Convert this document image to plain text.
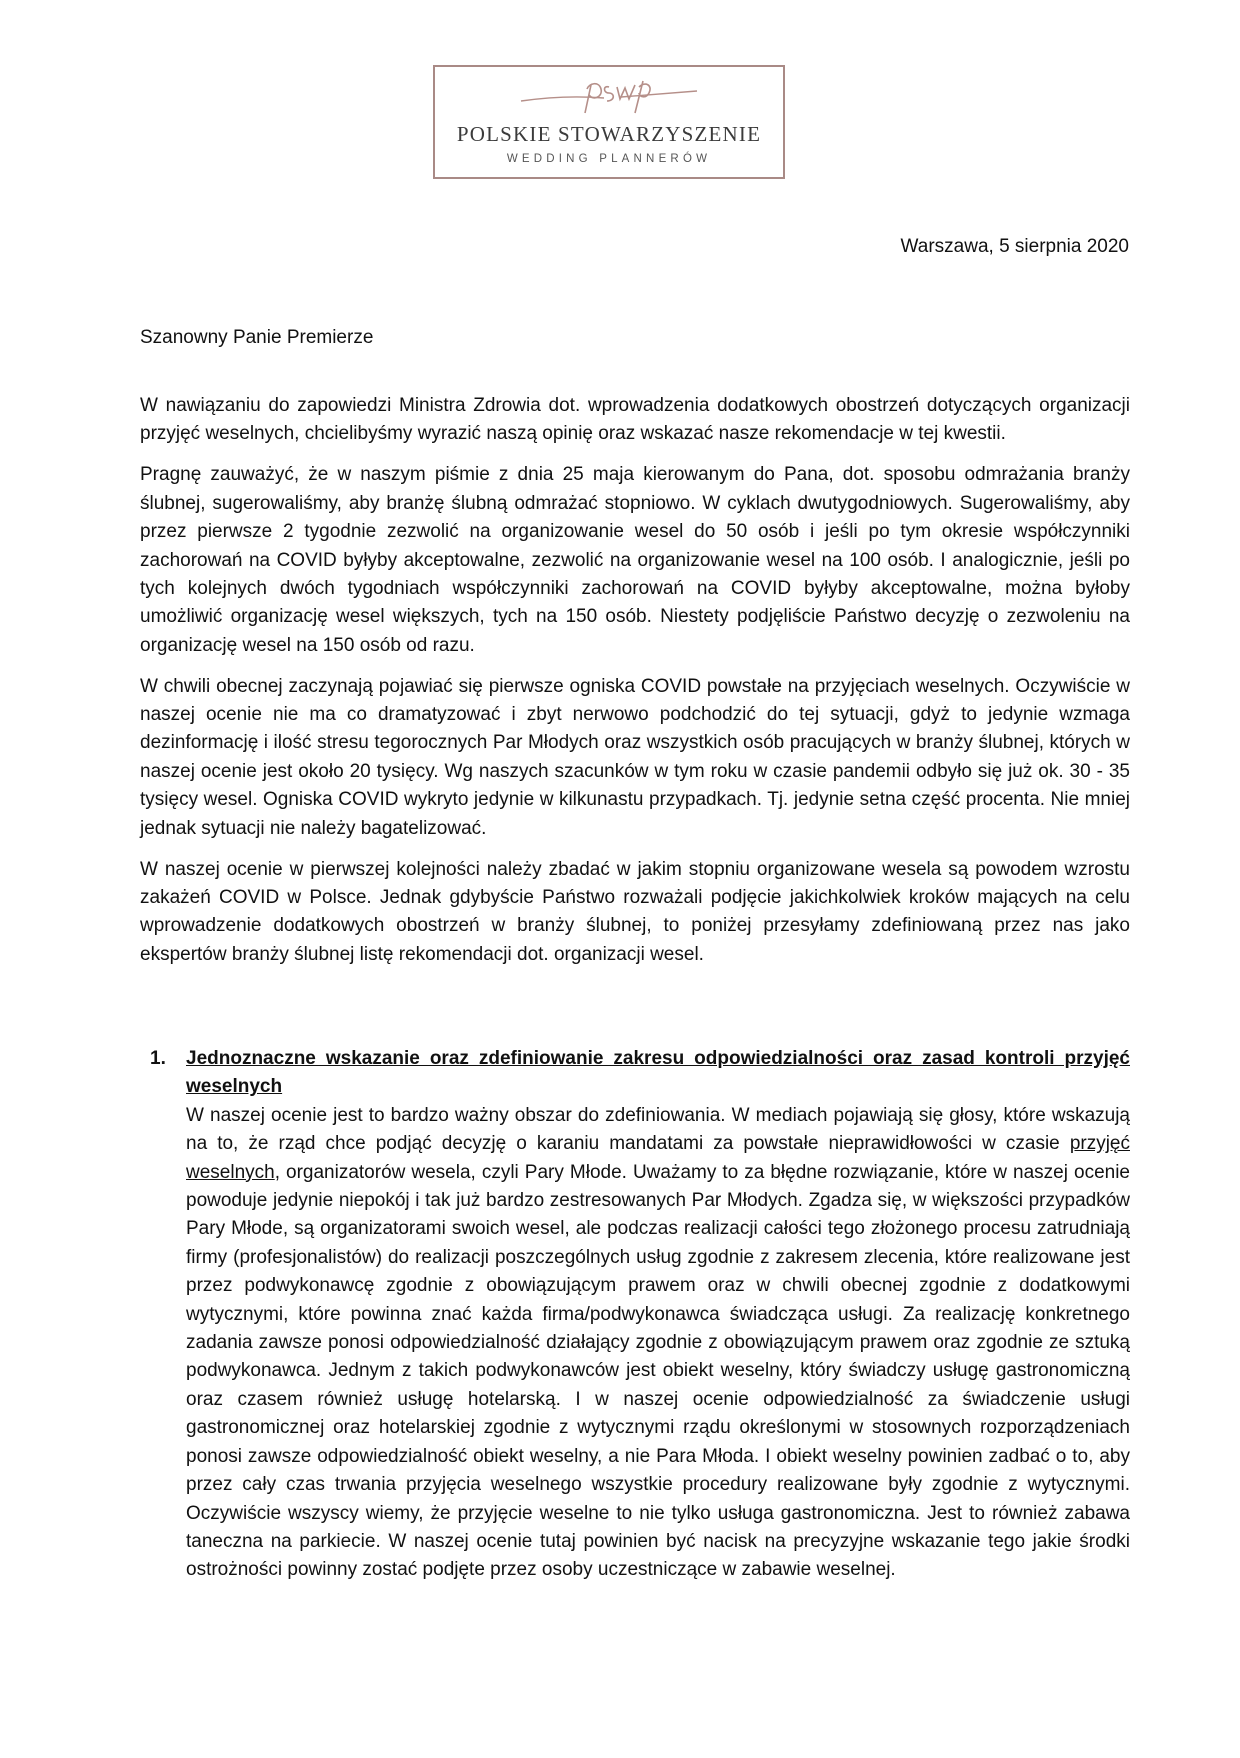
POLSKIE STOWARZYSZENIE
WEDDING PLANNERÓW
Warszawa, 5 sierpnia 2020
Szanowny Panie Premierze

W nawiązaniu do zapowiedzi Ministra Zdrowia dot. wprowadzenia dodatkowych obostrzeń dotyczących organizacji przyjęć weselnych, chcielibyśmy wyrazić naszą opinię oraz wskazać nasze rekomendacje w tej kwestii.

Pragnę zauważyć, że w naszym piśmie z dnia 25 maja kierowanym do Pana, dot. sposobu odmrażania branży ślubnej, sugerowaliśmy, aby branżę ślubną odmrażać stopniowo. W cyklach dwutygodniowych. Sugerowaliśmy, aby przez pierwsze 2 tygodnie zezwolić na organizowanie wesel do 50 osób i jeśli po tym okresie współczynniki zachorowań na COVID byłyby akceptowalne, zezwolić na organizowanie wesel na 100 osób. I analogicznie, jeśli po tych kolejnych dwóch tygodniach współczynniki zachorowań na COVID byłyby akceptowalne, można byłoby umożliwić organizację wesel większych, tych na 150 osób. Niestety podjęliście Państwo decyzję o zezwoleniu na organizację wesel na 150 osób od razu.

W chwili obecnej zaczynają pojawiać się pierwsze ogniska COVID powstałe na przyjęciach weselnych. Oczywiście w naszej ocenie nie ma co dramatyzować i zbyt nerwowo podchodzić do tej sytuacji, gdyż to jedynie wzmaga dezinformację i ilość stresu tegorocznych Par Młodych oraz wszystkich osób pracujących w branży ślubnej, których w naszej ocenie jest około 20 tysięcy. Wg naszych szacunków w tym roku w czasie pandemii odbyło się już ok. 30 - 35 tysięcy wesel. Ogniska COVID wykryto jedynie w kilkunastu przypadkach. Tj. jedynie setna część procenta. Nie mniej jednak sytuacji nie należy bagatelizować.

W naszej ocenie w pierwszej kolejności należy zbadać w jakim stopniu organizowane wesela są powodem wzrostu zakażeń COVID w Polsce. Jednak gdybyście Państwo rozważali podjęcie jakichkolwiek kroków mających na celu wprowadzenie dodatkowych obostrzeń w branży ślubnej, to poniżej przesyłamy zdefiniowaną przez nas jako ekspertów branży ślubnej listę rekomendacji dot. organizacji wesel.

1. Jednoznaczne wskazanie oraz zdefiniowanie zakresu odpowiedzialności oraz zasad kontroli przyjęć weselnych
W naszej ocenie jest to bardzo ważny obszar do zdefiniowania. W mediach pojawiają się głosy, które wskazują na to, że rząd chce podjąć decyzję o karaniu mandatami za powstałe nieprawidłowości w czasie przyjęć weselnych, organizatorów wesela, czyli Pary Młode. Uważamy to za błędne rozwiązanie, które w naszej ocenie powoduje jedynie niepokój i tak już bardzo zestresowanych Par Młodych. Zgadza się, w większości przypadków Pary Młode, są organizatorami swoich wesel, ale podczas realizacji całości tego złożonego procesu zatrudniają firmy (profesjonalistów) do realizacji poszczególnych usług zgodnie z zakresem zlecenia, które realizowane jest przez podwykonawcę zgodnie z obowiązującym prawem oraz w chwili obecnej zgodnie z dodatkowymi wytycznymi, które powinna znać każda firma/podwykonawca świadcząca usługi. Za realizację konkretnego zadania zawsze ponosi odpowiedzialność działający zgodnie z obowiązującym prawem oraz zgodnie ze sztuką podwykonawca. Jednym z takich podwykonawców jest obiekt weselny, który świadczy usługę gastronomiczną oraz czasem również usługę hotelarską. I w naszej ocenie odpowiedzialność za świadczenie usługi gastronomicznej oraz hotelarskiej zgodnie z wytycznymi rządu określonymi w stosownych rozporządzeniach ponosi zawsze odpowiedzialność obiekt weselny, a nie Para Młoda. I obiekt weselny powinien zadbać o to, aby przez cały czas trwania przyjęcia weselnego wszystkie procedury realizowane były zgodnie z wytycznymi. Oczywiście wszyscy wiemy, że przyjęcie weselne to nie tylko usługa gastronomiczna. Jest to również zabawa taneczna na parkiecie. W naszej ocenie tutaj powinien być nacisk na precyzyjne wskazanie tego jakie środki ostrożności powinny zostać podjęte przez osoby uczestniczące w zabawie weselnej.
